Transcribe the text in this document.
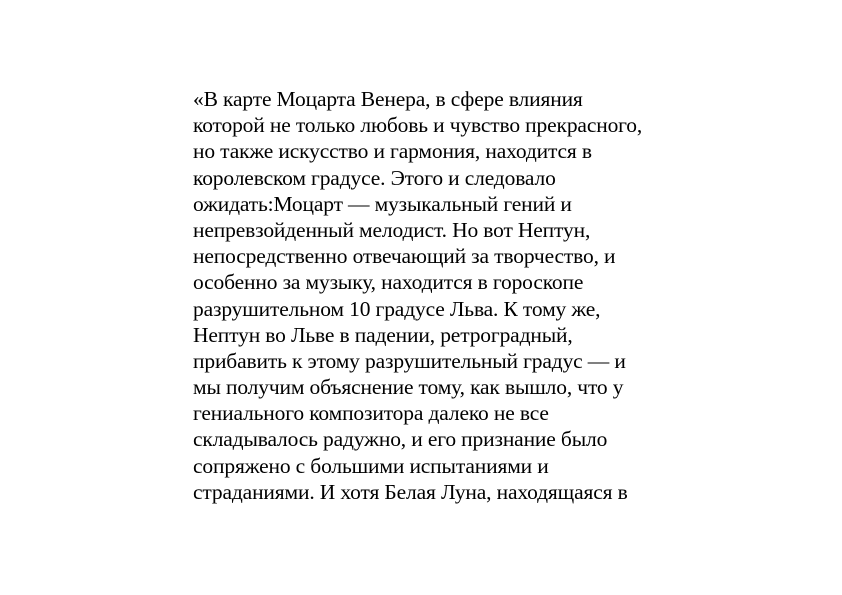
«В карте Моцарта Венера, в сфере влияния
которой не только любовь и чувство прекрасного,
но также искусство и гармония, находится в
королевском градусе. Этого и следовало
ожидать:Моцарт — музыкальный гений и
непревзойденный мелодист. Но вот Нептун,
непосредственно отвечающий за творчество, и
особенно за музыку, находится в гороскопе
разрушительном 10 градусе Льва. К тому же,
Нептун во Льве в падении, ретроградный,
прибавить к этому разрушительный градус — и
мы получим объяснение тому, как вышло, что у
гениального композитора далеко не все
складывалось радужно, и его признание было
сопряжено с большими испытаниями и
страданиями. И хотя Белая Луна, находящаяся в
